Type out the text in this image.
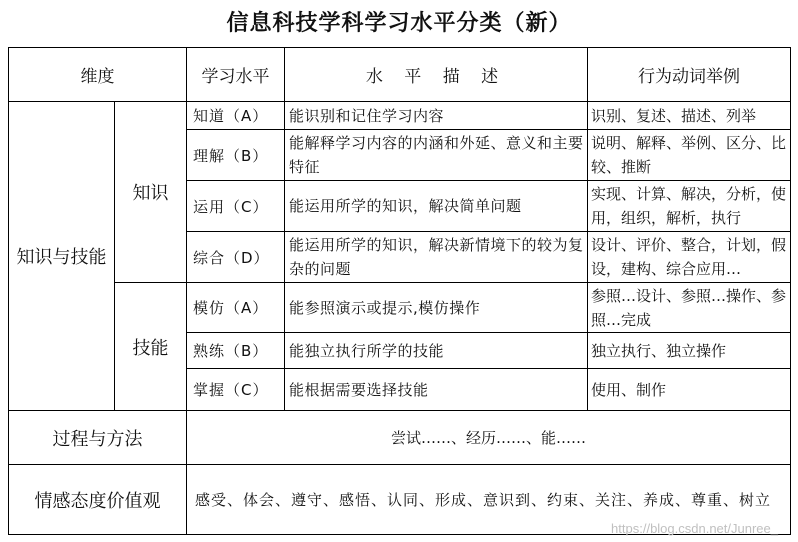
信息科技学科学习水平分类（新）
维度		学习水平	水 平 描 述	行为动词举例
知识与技能	知识	知道（A）	能识别和记住学习内容	识别、复述、描述、列举
		理解（B）	能解释学习内容的内涵和外延、意义和主要特征	说明、解释、举例、区分、比较、推断
		运用（C）	能运用所学的知识，解决简单问题	实现、计算、解决，分析，使用，组织，解析，执行
		综合（D）	能运用所学的知识，解决新情境下的较为复杂的问题	设计、评价、整合，计划，假设，建构、综合应用…
	技能	模仿（A）	能参照演示或提示,模仿操作	参照…设计、参照…操作、参照…完成
		熟练（B）	能独立执行所学的技能	独立执行、独立操作
		掌握（C）	能根据需要选择技能	使用、制作
过程与方法		尝试……、经历……、能……		
情感态度价值观		感受、体会、遵守、感悟、认同、形成、意识到、约束、关注、养成、尊重、树立		
https://blog.csdn.net/Junree_
